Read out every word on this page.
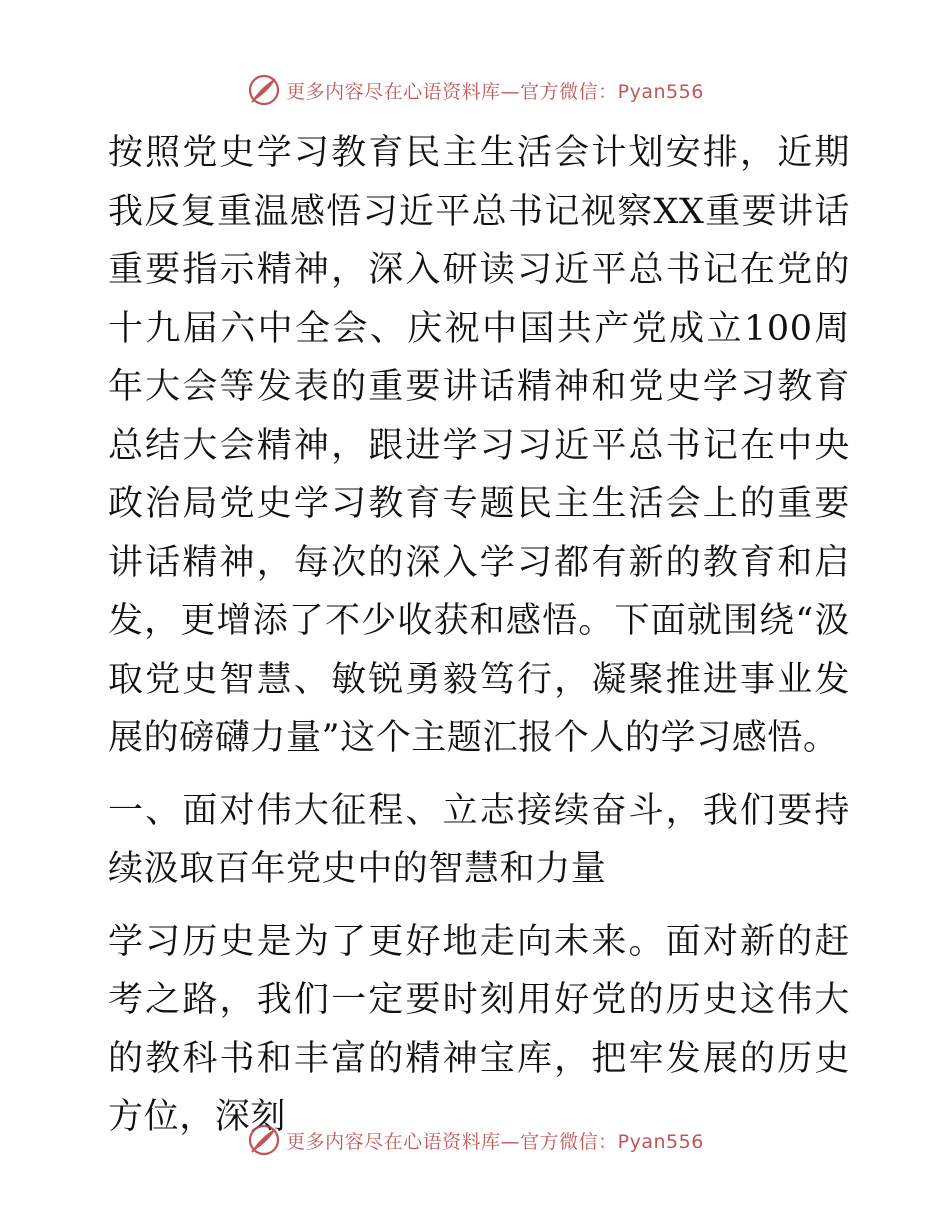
更多内容尽在心语资料库—官方微信：Pyan556

按照党史学习教育民主生活会计划安排，近期我反复重温感悟习近平总书记视察XX重要讲话重要指示精神，深入研读习近平总书记在党的十九届六中全会、庆祝中国共产党成立100周年大会等发表的重要讲话精神和党史学习教育总结大会精神，跟进学习习近平总书记在中央政治局党史学习教育专题民主生活会上的重要讲话精神，每次的深入学习都有新的教育和启发，更增添了不少收获和感悟。下面就围绕“汲取党史智慧、敏锐勇毅笃行，凝聚推进事业发展的磅礴力量”这个主题汇报个人的学习感悟。

一、面对伟大征程、立志接续奋斗，我们要持续汲取百年党史中的智慧和力量

学习历史是为了更好地走向未来。面对新的赶考之路，我们一定要时刻用好党的历史这伟大的教科书和丰富的精神宝库，把牢发展的历史方位，深刻

更多内容尽在心语资料库—官方微信：Pyan556
